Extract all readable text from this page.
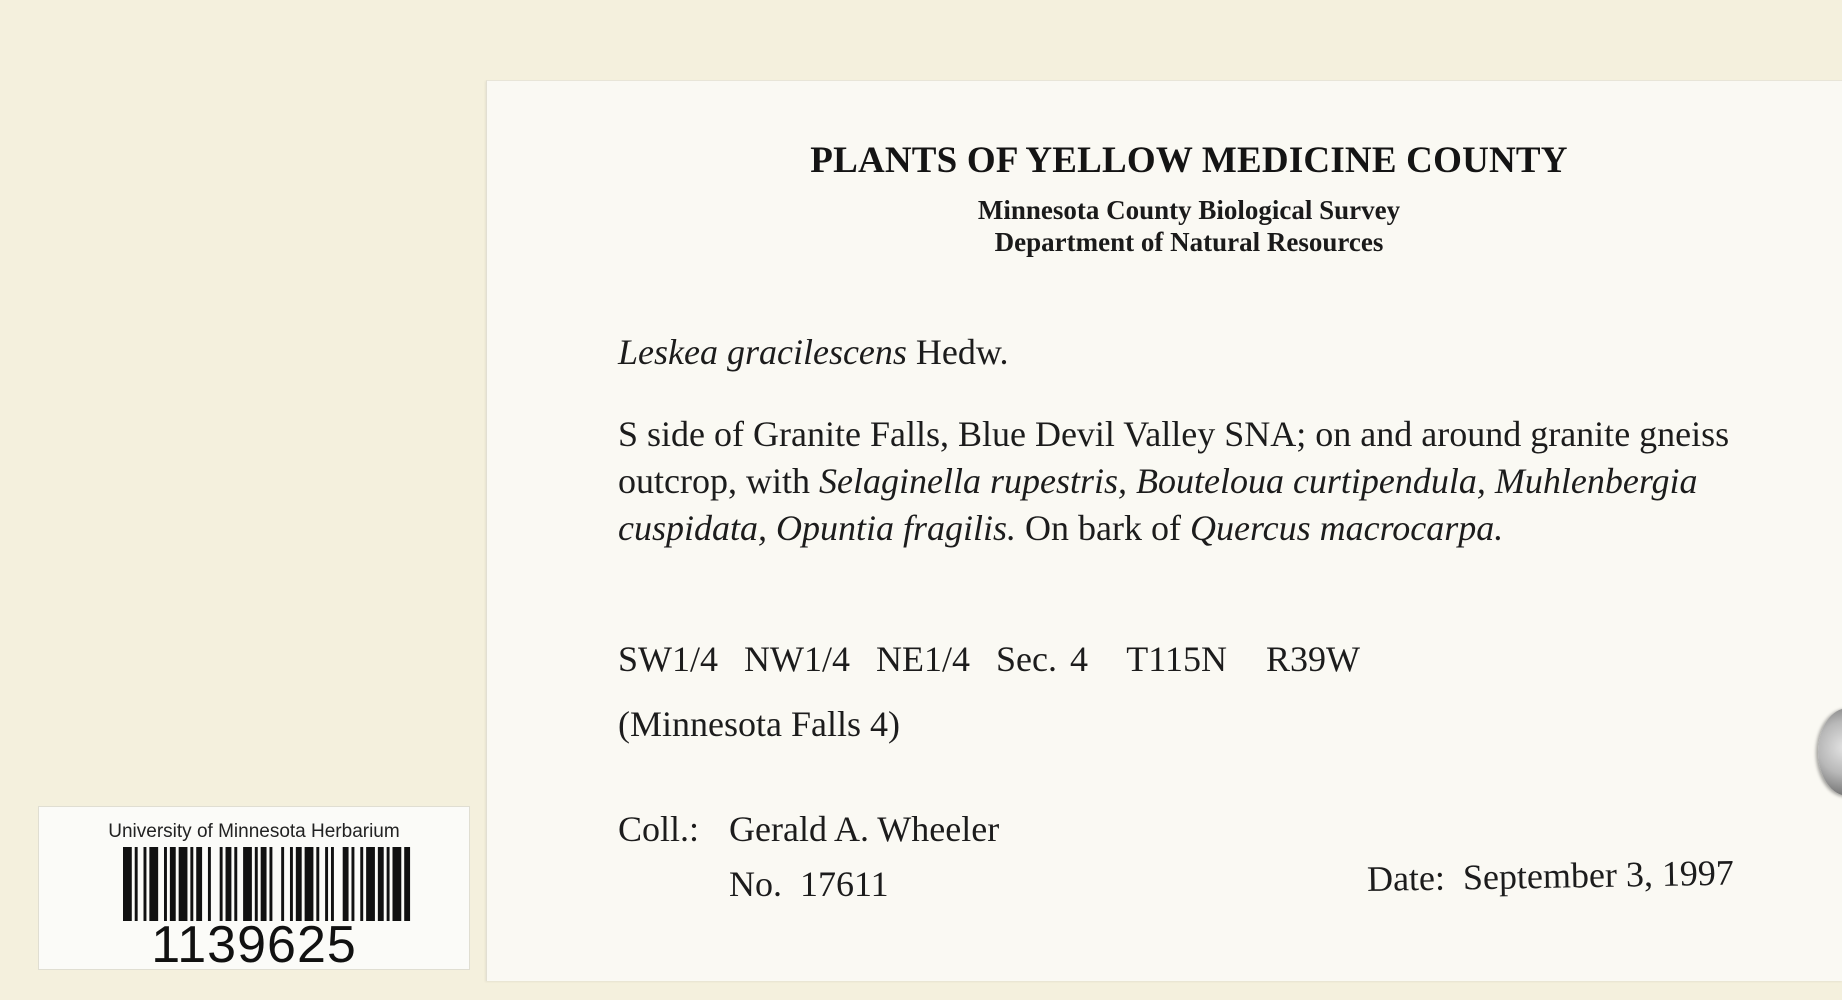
PLANTS OF YELLOW MEDICINE COUNTY
Minnesota County Biological Survey
Department of Natural Resources
Leskea gracilescens Hedw.
S side of Granite Falls, Blue Devil Valley SNA; on and around granite gneiss outcrop, with Selaginella rupestris, Bouteloua curtipendula, Muhlenbergia cuspidata, Opuntia fragilis. On bark of Quercus macrocarpa.
SW1/4  NW1/4  NE1/4  Sec. 4   T115N   R39W
(Minnesota Falls 4)
Coll.: Gerald A. Wheeler
No.  17611	Date:  September 3, 1997
University of Minnesota Herbarium
1139625
